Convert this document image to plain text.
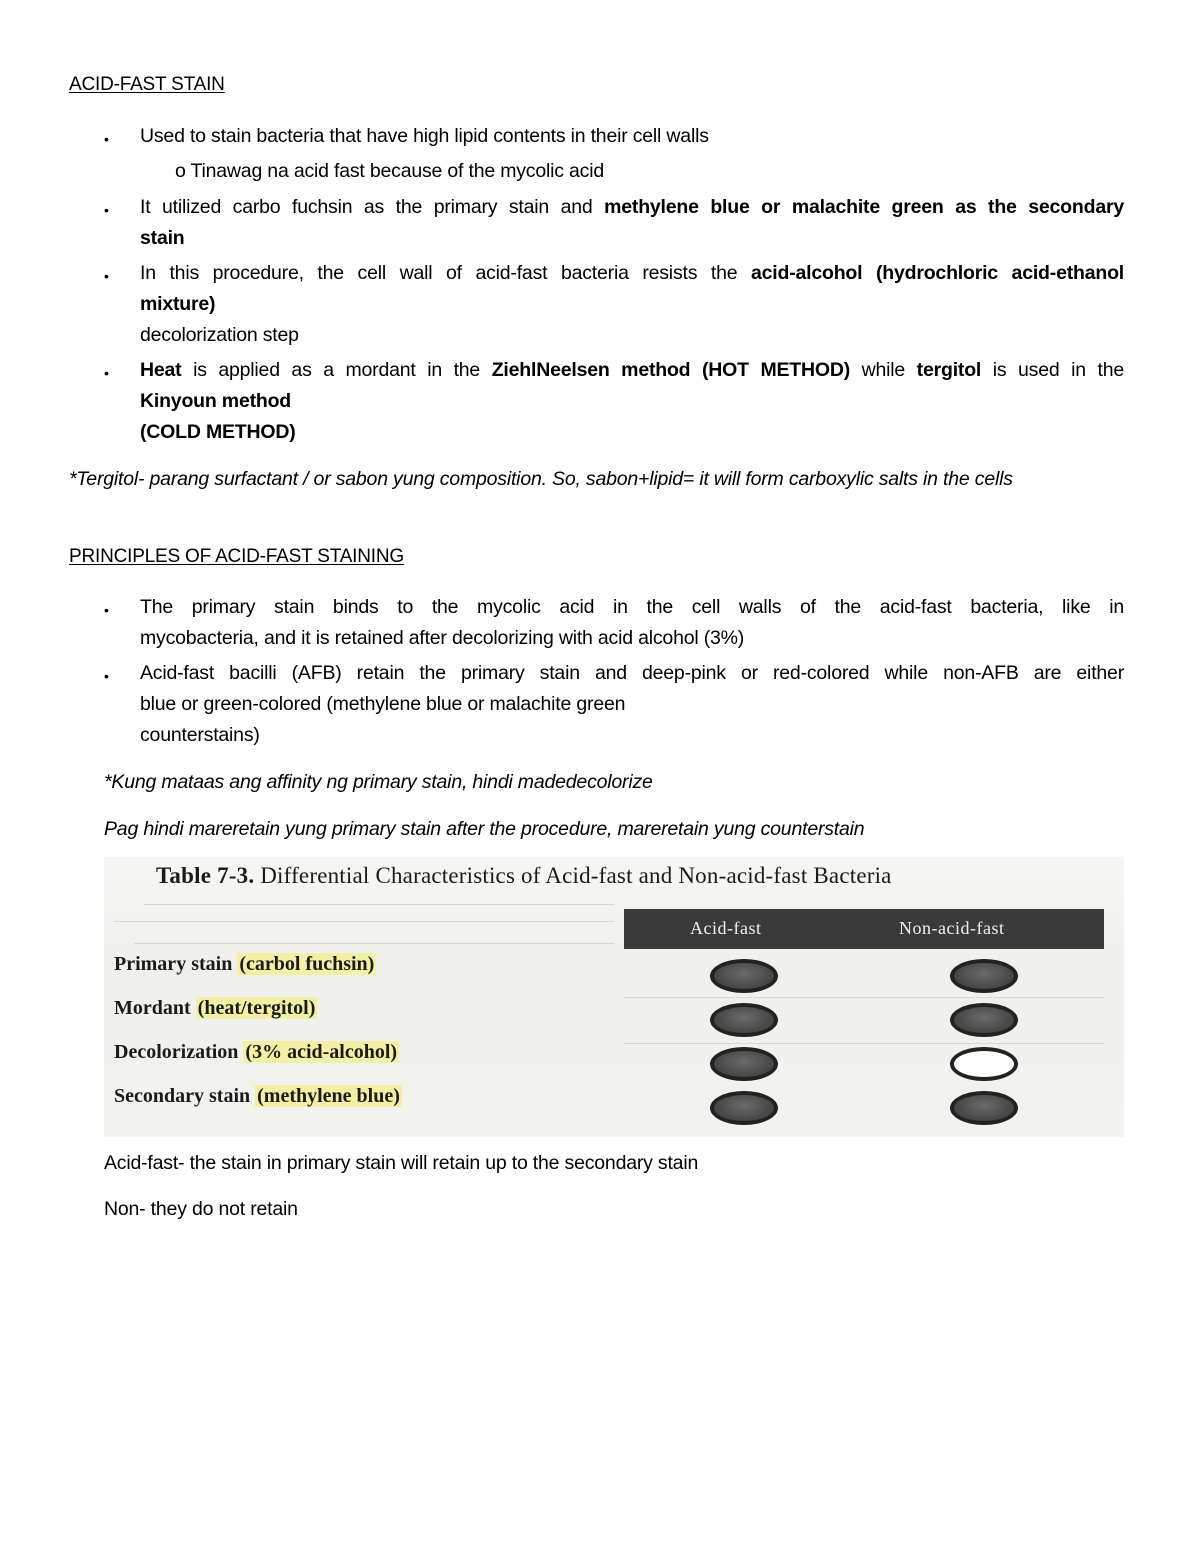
ACID-FAST STAIN
• Used to stain bacteria that have high lipid contents in their cell walls
o Tinawag na acid fast because of the mycolic acid
• It utilized carbo fuchsin as the primary stain and methylene blue or malachite green as the secondary
stain
• In this procedure, the cell wall of acid-fast bacteria resists the acid-alcohol (hydrochloric acid-ethanol
mixture)
decolorization step
• Heat is applied as a mordant in the ZiehlNeelsen method (HOT METHOD) while tergitol is used in the
Kinyoun method
(COLD METHOD)
*Tergitol- parang surfactant / or sabon yung composition. So, sabon+lipid= it will form carboxylic salts in the cells
PRINCIPLES OF ACID-FAST STAINING
• The primary stain binds to the mycolic acid in the cell walls of the acid-fast bacteria, like in
mycobacteria, and it is retained after decolorizing with acid alcohol (3%)
• Acid-fast bacilli (AFB) retain the primary stain and deep-pink or red-colored while non-AFB are either
blue or green-colored (methylene blue or malachite green
counterstains)
*Kung mataas ang affinity ng primary stain, hindi madedecolorize
Pag hindi mareretain yung primary stain after the procedure, mareretain yung counterstain
Table 7-3. Differential Characteristics of Acid-fast and Non-acid-fast Bacteria
Acid-fast	Non-acid-fast
Primary stain (carbol fuchsin)
Mordant (heat/tergitol)
Decolorization (3% acid-alcohol)
Secondary stain (methylene blue)
Acid-fast- the stain in primary stain will retain up to the secondary stain
Non- they do not retain
